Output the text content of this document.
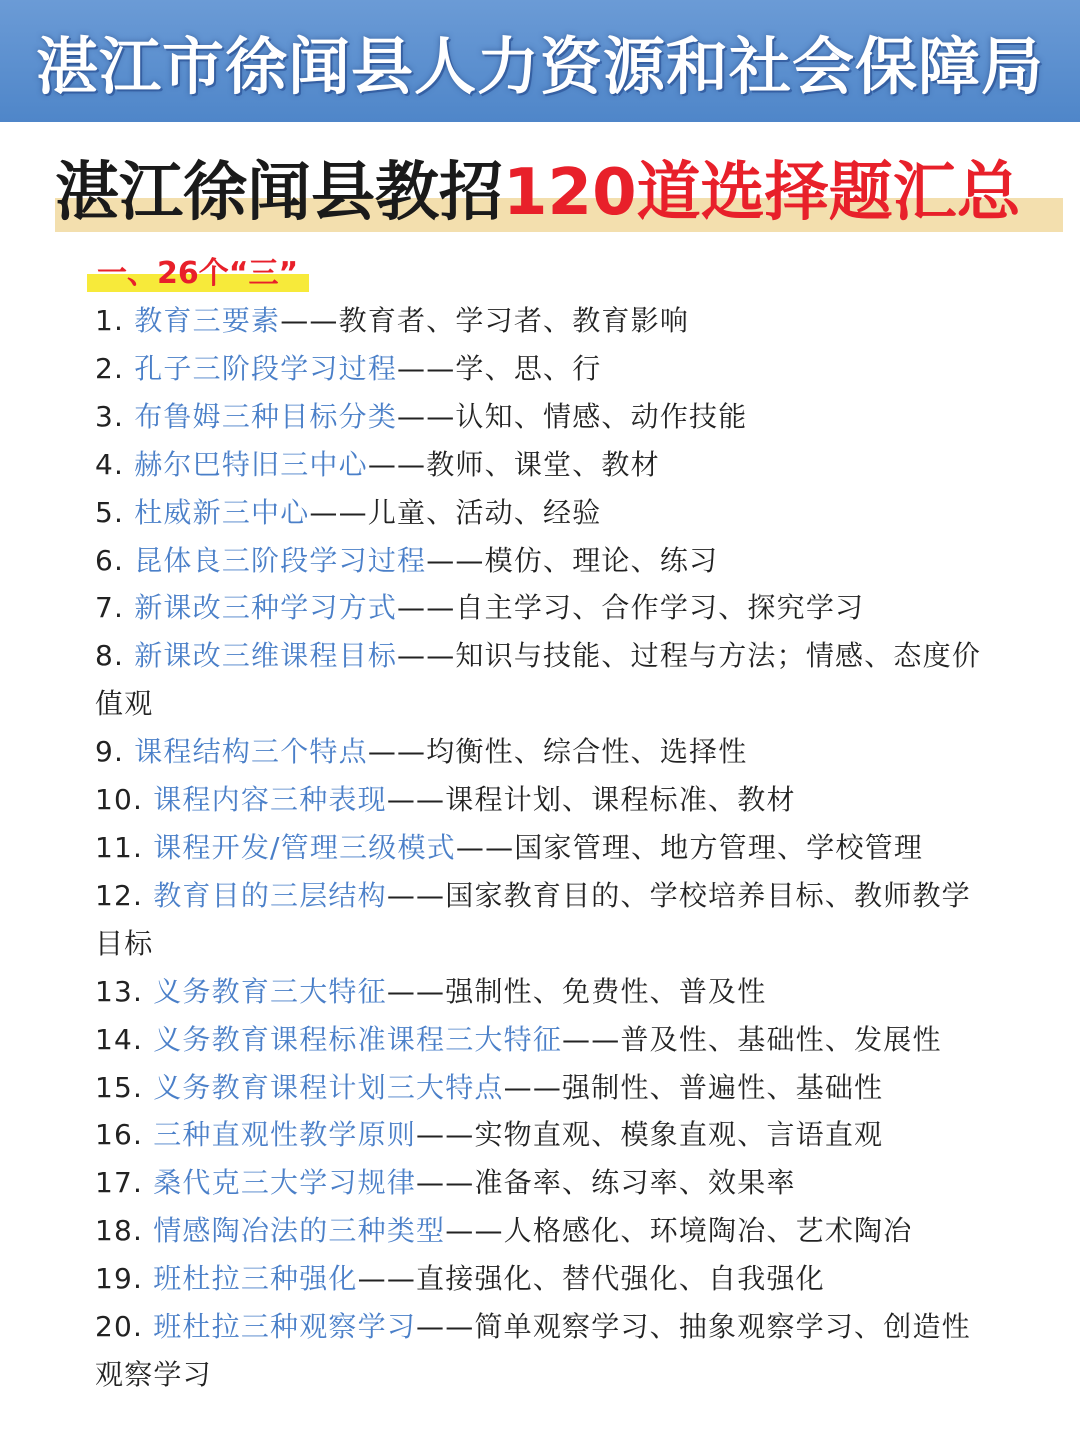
湛江市徐闻县人力资源和社会保障局
湛江徐闻县教招120道选择题汇总
一、26个“三”
1. 教育三要素——教育者、学习者、教育影响
2. 孔子三阶段学习过程——学、思、行
3. 布鲁姆三种目标分类——认知、情感、动作技能
4. 赫尔巴特旧三中心——教师、课堂、教材
5. 杜威新三中心——儿童、活动、经验
6. 昆体良三阶段学习过程——模仿、理论、练习
7. 新课改三种学习方式——自主学习、合作学习、探究学习
8. 新课改三维课程目标——知识与技能、过程与方法；情感、态度价值观
9. 课程结构三个特点——均衡性、综合性、选择性
10. 课程内容三种表现——课程计划、课程标准、教材
11. 课程开发/管理三级模式——国家管理、地方管理、学校管理
12. 教育目的三层结构——国家教育目的、学校培养目标、教师教学目标
13. 义务教育三大特征——强制性、免费性、普及性
14. 义务教育课程标准课程三大特征——普及性、基础性、发展性
15. 义务教育课程计划三大特点——强制性、普遍性、基础性
16. 三种直观性教学原则——实物直观、模象直观、言语直观
17. 桑代克三大学习规律——准备率、练习率、效果率
18. 情感陶冶法的三种类型——人格感化、环境陶冶、艺术陶冶
19. 班杜拉三种强化——直接强化、替代强化、自我强化
20. 班杜拉三种观察学习——简单观察学习、抽象观察学习、创造性观察学习
